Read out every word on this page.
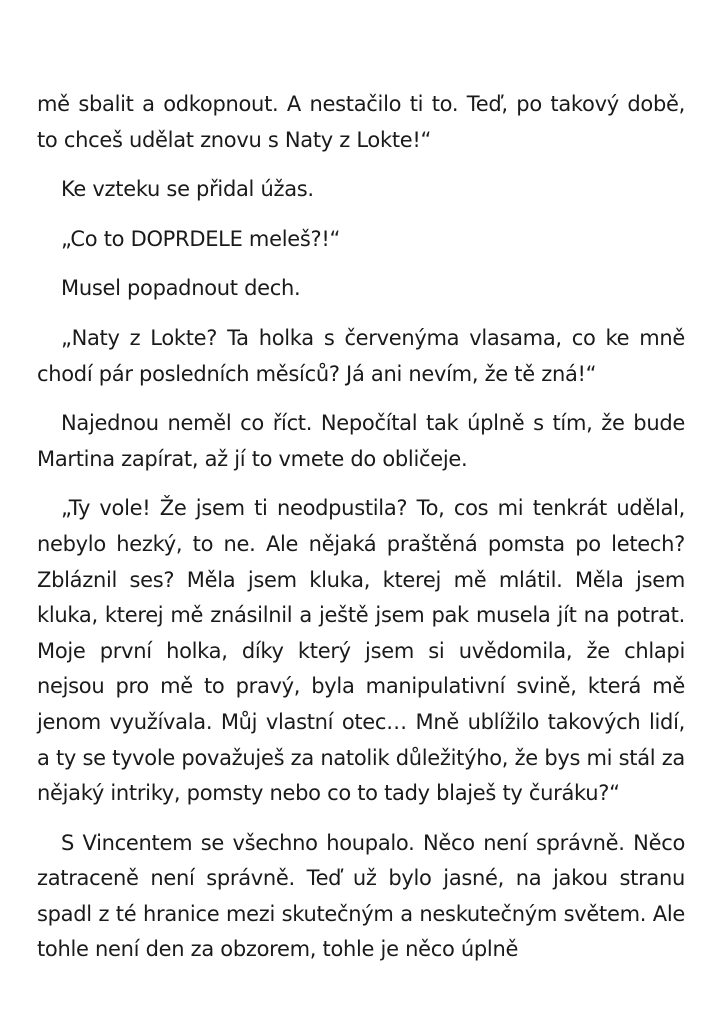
mě sbalit a odkopnout. A nestačilo ti to. Teď, po takový době, to chceš udělat znovu s Naty z Lokte!“

Ke vzteku se přidal úžas.

„Co to DOPRDELE meleš?!“

Musel popadnout dech.

„Naty z Lokte? Ta holka s červenýma vlasama, co ke mně chodí pár posledních měsíců? Já ani nevím, že tě zná!“

Najednou neměl co říct. Nepočítal tak úplně s tím, že bude Martina zapírat, až jí to vmete do obličeje.

„Ty vole! Že jsem ti neodpustila? To, cos mi tenkrát udělal, nebylo hezký, to ne. Ale nějaká praštěná pomsta po letech? Zbláznil ses? Měla jsem kluka, kterej mě mlátil. Měla jsem kluka, kterej mě znásilnil a ještě jsem pak musela jít na potrat. Moje první holka, díky který jsem si uvědomila, že chlapi nejsou pro mě to pravý, byla manipulativní svině, která mě jenom využívala. Můj vlastní otec… Mně ublížilo takových lidí, a ty se tyvole považuješ za natolik důležitýho, že bys mi stál za nějaký intriky, pomsty nebo co to tady blaješ ty čuráku?“

S Vincentem se všechno houpalo. Něco není správně. Něco zatraceně není správně. Teď už bylo jasné, na jakou stranu spadl z té hranice mezi skutečným a neskutečným světem. Ale tohle není den za obzorem, tohle je něco úplně
